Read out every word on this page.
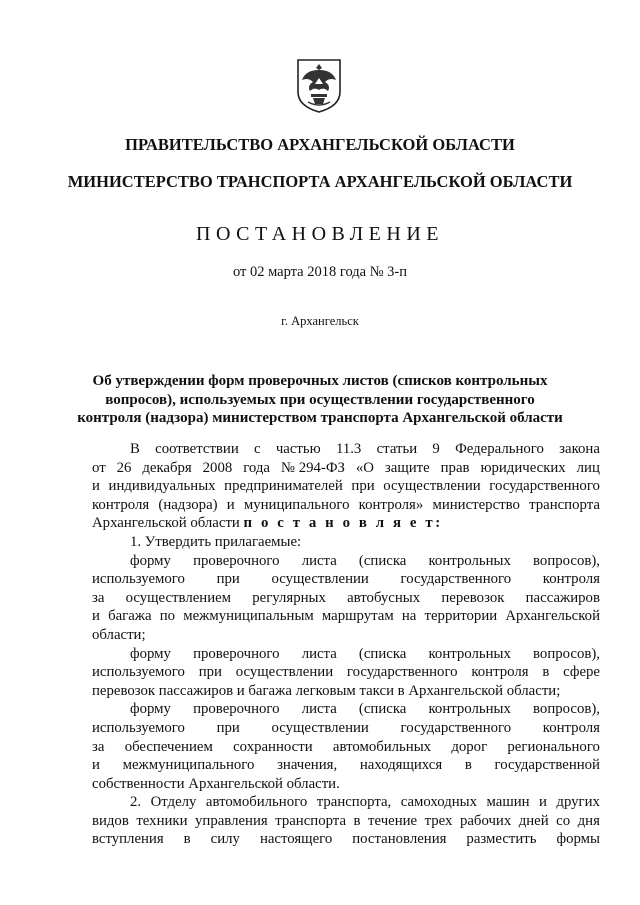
ПРАВИТЕЛЬСТВО АРХАНГЕЛЬСКОЙ ОБЛАСТИ
МИНИСТЕРСТВО ТРАНСПОРТА АРХАНГЕЛЬСКОЙ ОБЛАСТИ
ПОСТАНОВЛЕНИЕ
от 02 марта 2018 года № 3-п
г. Архангельск
Об утверждении форм проверочных листов (списков контрольных
вопросов), используемых при осуществлении государственного
контроля (надзора) министерством транспорта Архангельской области
В соответствии с частью 11.3 статьи 9 Федерального закона
от 26 декабря 2008 года № 294-ФЗ «О защите прав юридических лиц
и индивидуальных предпринимателей при осуществлении государственного
контроля (надзора) и муниципального контроля» министерство транспорта
Архангельской области п о с т а н о в л я е т:
1. Утвердить прилагаемые:
форму проверочного листа (списка контрольных вопросов),
используемого при осуществлении государственного контроля
за осуществлением регулярных автобусных перевозок пассажиров
и багажа по межмуниципальным маршрутам на территории Архангельской
области;
форму проверочного листа (списка контрольных вопросов),
используемого при осуществлении государственного контроля в сфере
перевозок пассажиров и багажа легковым такси в Архангельской области;
форму проверочного листа (списка контрольных вопросов),
используемого при осуществлении государственного контроля
за обеспечением сохранности автомобильных дорог регионального
и межмуниципального значения, находящихся в государственной
собственности Архангельской области.
2. Отделу автомобильного транспорта, самоходных машин и других
видов техники управления транспорта в течение трех рабочих дней со дня
вступления в силу настоящего постановления разместить формы
